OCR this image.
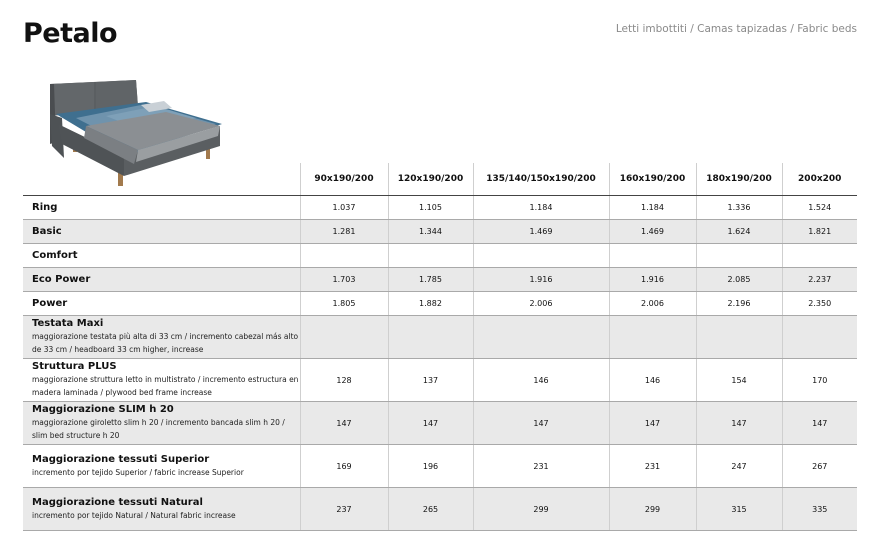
Petalo	Letti imbottiti / Camas tapizadas / Fabric beds
	90x190/200	120x190/200	135/140/150x190/200	160x190/200	180x190/200	200x200

Ring	1.037	1.105	1.184	1.184	1.336	1.524

Basic	1.281	1.344	1.469	1.469	1.624	1.821

Comfort						

Eco Power	1.703	1.785	1.916	1.916	2.085	2.237

Power	1.805	1.882	2.006	2.006	2.196	2.350

Testata Maxi
maggiorazione testata più alta di 33 cm / incremento cabezal más alto de 33 cm / headboard 33 cm higher, increase						

Struttura PLUS
maggiorazione struttura letto in multistrato / incremento estructura en madera laminada / plywood bed frame increase	128	137	146	146	154	170

Maggiorazione SLIM h 20
maggiorazione giroletto slim h 20 / incremento bancada slim h 20 / slim bed structure h 20	147	147	147	147	147	147

Maggiorazione tessuti Superior
incremento por tejido Superior / fabric increase Superior	169	196	231	231	247	267

Maggiorazione tessuti Natural
incremento por tejido Natural / Natural fabric increase	237	265	299	299	315	335
